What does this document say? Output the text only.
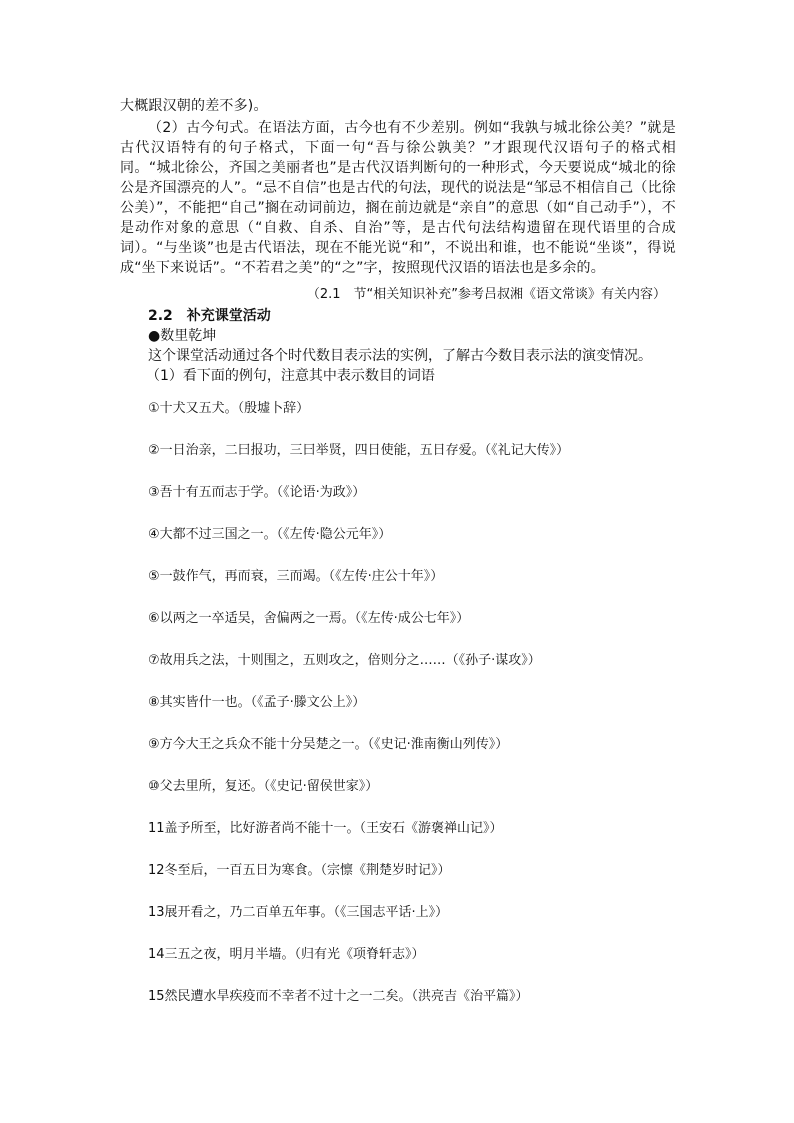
大概跟汉朝的差不多)。

（2）古今句式。在语法方面，古今也有不少差别。例如“我孰与城北徐公美？”就是古代汉语特有的句子格式，下面一句“吾与徐公孰美？”才跟现代汉语句子的格式相同。“城北徐公，齐国之美丽者也”是古代汉语判断句的一种形式，今天要说成“城北的徐公是齐国漂亮的人”。“忌不自信”也是古代的句法，现代的说法是“邹忌不相信自己（比徐公美）”，不能把“自己”搁在动词前边，搁在前边就是“亲自”的意思（如“自己动手”），不是动作对象的意思（“自救、自杀、自治”等，是古代句法结构遗留在现代语里的合成词）。“与坐谈”也是古代语法，现在不能光说“和”，不说出和谁，也不能说“坐谈”，得说成“坐下来说话”。“不若君之美”的“之”字，按照现代汉语的语法也是多余的。

（2.1　节“相关知识补充”参考吕叔湘《语文常谈》有关内容）

2.2　补充课堂活动

●数里乾坤

这个课堂活动通过各个时代数目表示法的实例，了解古今数目表示法的演变情况。

（1）看下面的例句，注意其中表示数目的词语

①十犬又五犬。（殷墟卜辞）

②一日治亲，二曰报功，三曰举贤，四日使能，五日存爱。（《礼记大传》）

③吾十有五而志于学。（《论语·为政》）

④大都不过三国之一。（《左传·隐公元年》）

⑤一鼓作气，再而衰，三而竭。（《左传·庄公十年》）

⑥以两之一卒适吴，舍偏两之一焉。（《左传·成公七年》）

⑦故用兵之法，十则围之，五则攻之，倍则分之……（《孙子·谋攻》）

⑧其实皆什一也。（《孟子·滕文公上》）

⑨方今大王之兵众不能十分吴楚之一。（《史记·淮南衡山列传》）

⑩父去里所，复还。（《史记·留侯世家》）

11盖予所至，比好游者尚不能十一。（王安石《游褒禅山记》）

12冬至后，一百五日为寒食。（宗懔《荆楚岁时记》）

13展开看之，乃二百单五年事。（《三国志平话·上》）

14三五之夜，明月半墙。（归有光《项脊轩志》）

15然民遭水旱疾疫而不幸者不过十之一二矣。（洪亮吉《治平篇》）
